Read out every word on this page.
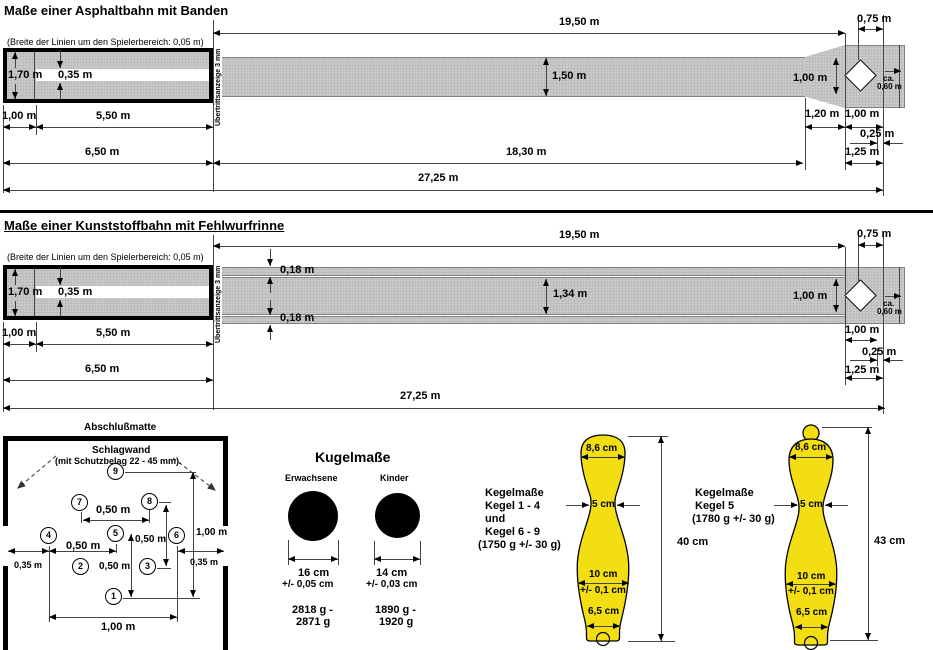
Maße einer Asphaltbahn mit Banden
(Breite der Linien um den Spielerbereich: 0,05 m)
Übertrittsanzeige 3 mm
19,50 m	0,75 m
1,50 m	1,00 m	ca.
0,60 m
1,70 m 0,35 m
1,00 m	5,50 m	1,20 m 1,00 m
0,25 m
6,50 m	18,30 m	1,25 m
27,25 m
Maße einer Kunststoffbahn mit Fehlwurfrinne
(Breite der Linien um den Spielerbereich: 0,05 m)
Übertrittsanzeige 3 mm
19,50 m	0,75 m
0,18 m
0,18 m
1,34 m	1,00 m
ca.
0,60 m
1,70 m 0,35 m
1,00 m	5,50 m	1,00 m
0,25 m
6,50 m	1,25 m
27,25 m
Abschlußmatte
Schlagwand
(mit Schutzbelag 22 - 45 mm).
9
7	8
4	5	6
2	3
1
0,50 m
0,50 m
0,50 m
0,50 m
0,35 m	0,35 m
1,00 m
1,00 m
Kugelmaße
Erwachsene	Kinder
16 cm
+/- 0,05 cm
2818 g -
2871 g
14 cm
+/- 0,03 cm
1890 g -
1920 g
Kegelmaße
Kegel 1 - 4
und
Kegel 6 - 9
(1750 g +/- 30 g)
8,6 cm
5 cm
10 cm
+/- 0,1 cm
6,5 cm
40 cm
Kegelmaße
Kegel 5
(1780 g +/- 30 g)
8,6 cm
5 cm
10 cm
+/- 0,1 cm
6,5 cm
43 cm
